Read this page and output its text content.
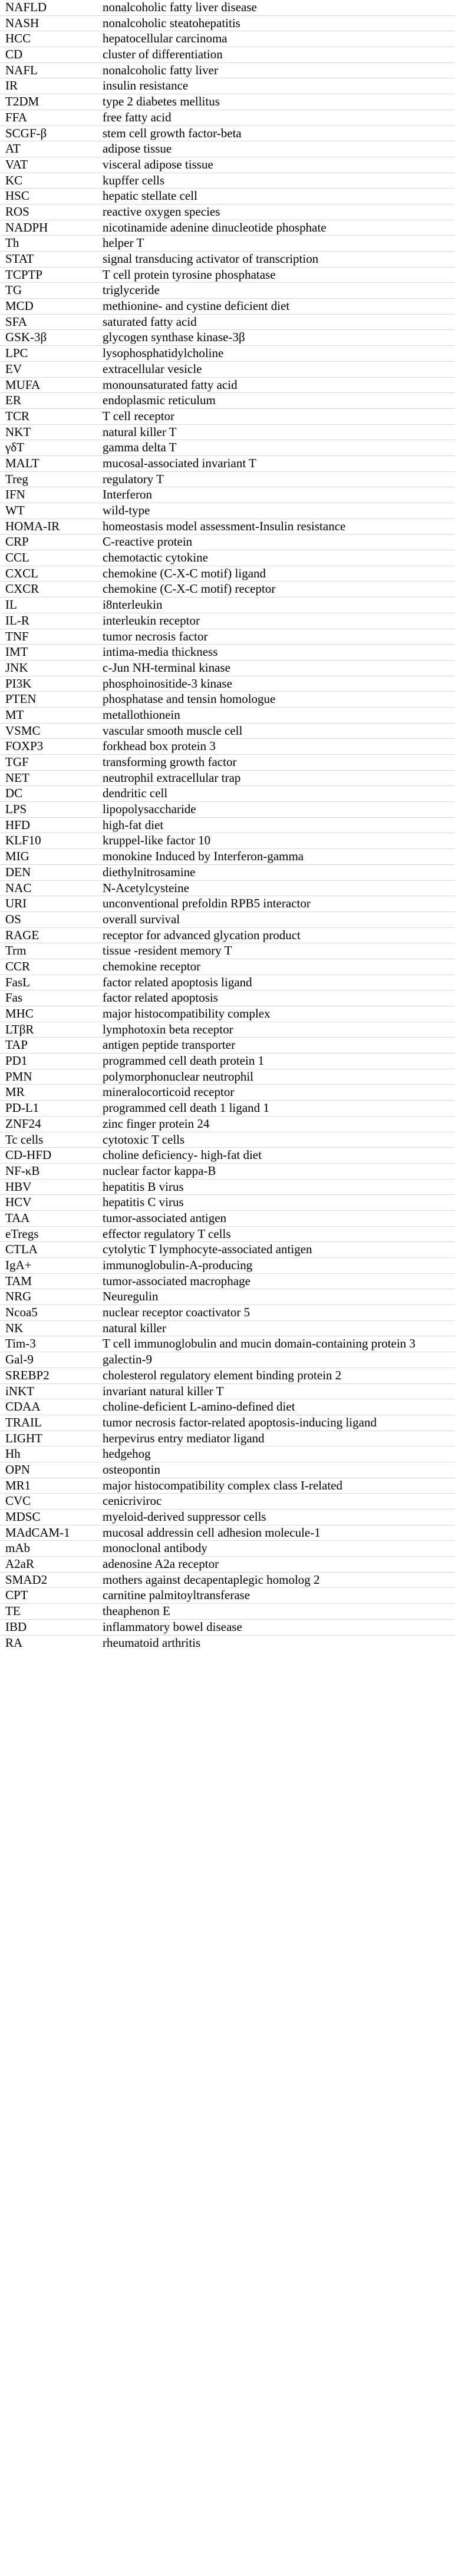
NAFLD	nonalcoholic fatty liver disease
NASH	nonalcoholic steatohepatitis
HCC	hepatocellular carcinoma
CD	cluster of differentiation
NAFL	nonalcoholic fatty liver
IR	insulin resistance
T2DM	type 2 diabetes mellitus
FFA	free fatty acid
SCGF-β	stem cell growth factor-beta
AT	adipose tissue
VAT	visceral adipose tissue
KC	kupffer cells
HSC	hepatic stellate cell
ROS	reactive oxygen species
NADPH	nicotinamide adenine dinucleotide phosphate
Th	helper T
STAT	signal transducing activator of transcription
TCPTP	T cell protein tyrosine phosphatase
TG	triglyceride
MCD	methionine- and cystine deficient diet
SFA	saturated fatty acid
GSK-3β	glycogen synthase kinase-3β
LPC	lysophosphatidylcholine
EV	extracellular vesicle
MUFA	monounsaturated fatty acid
ER	endoplasmic reticulum
TCR	T cell receptor
NKT	natural killer T
γδT	gamma delta T
MALT	mucosal-associated invariant T
Treg	regulatory T
IFN	Interferon
WT	wild-type
HOMA-IR	homeostasis model assessment-Insulin resistance
CRP	C-reactive protein
CCL	chemotactic cytokine
CXCL	chemokine (C-X-C motif) ligand
CXCR	chemokine (C-X-C motif) receptor
IL	i8nterleukin
IL-R	interleukin receptor
TNF	tumor necrosis factor
IMT	intima-media thickness
JNK	c-Jun NH-terminal kinase
PI3K	phosphoinositide-3 kinase
PTEN	phosphatase and tensin homologue
MT	metallothionein
VSMC	vascular smooth muscle cell
FOXP3	forkhead box protein 3
TGF	transforming growth factor
NET	neutrophil extracellular trap
DC	dendritic cell
LPS	lipopolysaccharide
HFD	high-fat diet
KLF10	kruppel-like factor 10
MIG	monokine Induced by Interferon-gamma
DEN	diethylnitrosamine
NAC	N-Acetylcysteine
URI	unconventional prefoldin RPB5 interactor
OS	overall survival
RAGE	receptor for advanced glycation product
Trm	tissue -resident memory T
CCR	chemokine receptor
FasL	factor related apoptosis ligand
Fas	factor related apoptosis
MHC	major histocompatibility complex
LTβR	lymphotoxin beta receptor
TAP	antigen peptide transporter
PD1	programmed cell death protein 1
PMN	polymorphonuclear neutrophil
MR	mineralocorticoid receptor
PD-L1	programmed cell death 1 ligand 1
ZNF24	zinc finger protein 24
Tc cells	cytotoxic T cells
CD-HFD	choline deficiency- high-fat diet
NF-κB	nuclear factor kappa-B
HBV	hepatitis B virus
HCV	hepatitis C virus
TAA	tumor-associated antigen
eTregs	effector regulatory T cells
CTLA	cytolytic T lymphocyte-associated antigen
IgA+	immunoglobulin-A-producing
TAM	tumor-associated macrophage
NRG	Neuregulin
Ncoa5	nuclear receptor coactivator 5
NK	natural killer
Tim-3	T cell immunoglobulin and mucin domain-containing protein 3
Gal-9	galectin-9
SREBP2	cholesterol regulatory element binding protein 2
iNKT	invariant natural killer T
CDAA	choline-deficient L-amino-defined diet
TRAIL	tumor necrosis factor-related apoptosis-inducing ligand
LIGHT	herpevirus entry mediator ligand
Hh	hedgehog
OPN	osteopontin
MR1	major histocompatibility complex class I-related
CVC	cenicriviroc
MDSC	myeloid-derived suppressor cells
MAdCAM-1	mucosal addressin cell adhesion molecule-1
mAb	monoclonal antibody
A2aR	adenosine A2a receptor
SMAD2	mothers against decapentaplegic homolog 2
CPT	carnitine palmitoyltransferase
TE	theaphenon E
IBD	inflammatory bowel disease
RA	rheumatoid arthritis
